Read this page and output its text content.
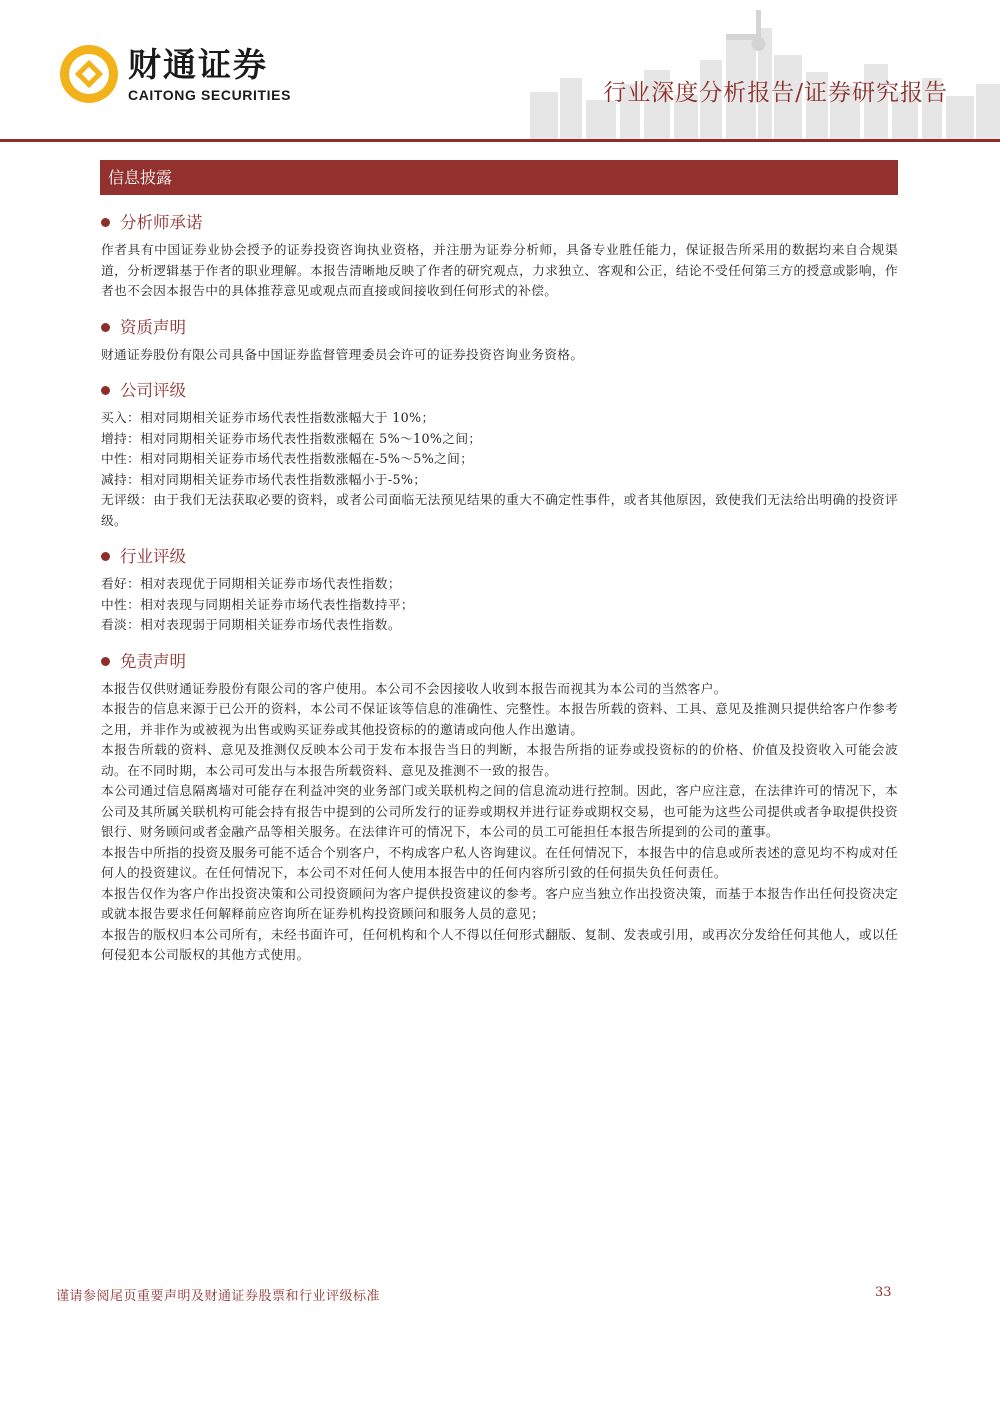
财通证券
CAITONG SECURITIES	行业深度分析报告/证券研究报告
信息披露
分析师承诺

作者具有中国证券业协会授予的证券投资咨询执业资格，并注册为证券分析师，具备专业胜任能力，保证报告所采用的数据均来自合规渠道，分析逻辑基于作者的职业理解。本报告清晰地反映了作者的研究观点，力求独立、客观和公正，结论不受任何第三方的授意或影响，作者也不会因本报告中的具体推荐意见或观点而直接或间接收到任何形式的补偿。

资质声明

财通证券股份有限公司具备中国证券监督管理委员会许可的证券投资咨询业务资格。

公司评级

买入：相对同期相关证券市场代表性指数涨幅大于 10%；

增持：相对同期相关证券市场代表性指数涨幅在 5%～10%之间；

中性：相对同期相关证券市场代表性指数涨幅在-5%～5%之间；

减持：相对同期相关证券市场代表性指数涨幅小于-5%；

无评级：由于我们无法获取必要的资料，或者公司面临无法预见结果的重大不确定性事件，或者其他原因，致使我们无法给出明确的投资评级。

行业评级

看好：相对表现优于同期相关证券市场代表性指数；

中性：相对表现与同期相关证券市场代表性指数持平；

看淡：相对表现弱于同期相关证券市场代表性指数。

免责声明

本报告仅供财通证券股份有限公司的客户使用。本公司不会因接收人收到本报告而视其为本公司的当然客户。

本报告的信息来源于已公开的资料，本公司不保证该等信息的准确性、完整性。本报告所载的资料、工具、意见及推测只提供给客户作参考之用，并非作为或被视为出售或购买证券或其他投资标的的邀请或向他人作出邀请。

本报告所载的资料、意见及推测仅反映本公司于发布本报告当日的判断，本报告所指的证券或投资标的的价格、价值及投资收入可能会波动。在不同时期，本公司可发出与本报告所载资料、意见及推测不一致的报告。

本公司通过信息隔离墙对可能存在利益冲突的业务部门或关联机构之间的信息流动进行控制。因此，客户应注意，在法律许可的情况下，本公司及其所属关联机构可能会持有报告中提到的公司所发行的证券或期权并进行证券或期权交易，也可能为这些公司提供或者争取提供投资银行、财务顾问或者金融产品等相关服务。在法律许可的情况下，本公司的员工可能担任本报告所提到的公司的董事。

本报告中所指的投资及服务可能不适合个别客户，不构成客户私人咨询建议。在任何情况下，本报告中的信息或所表述的意见均不构成对任何人的投资建议。在任何情况下，本公司不对任何人使用本报告中的任何内容所引致的任何损失负任何责任。

本报告仅作为客户作出投资决策和公司投资顾问为客户提供投资建议的参考。客户应当独立作出投资决策，而基于本报告作出任何投资决定或就本报告要求任何解释前应咨询所在证券机构投资顾问和服务人员的意见；

本报告的版权归本公司所有，未经书面许可，任何机构和个人不得以任何形式翻版、复制、发表或引用，或再次分发给任何其他人，或以任何侵犯本公司版权的其他方式使用。

谨请参阅尾页重要声明及财通证券股票和行业评级标准	33
